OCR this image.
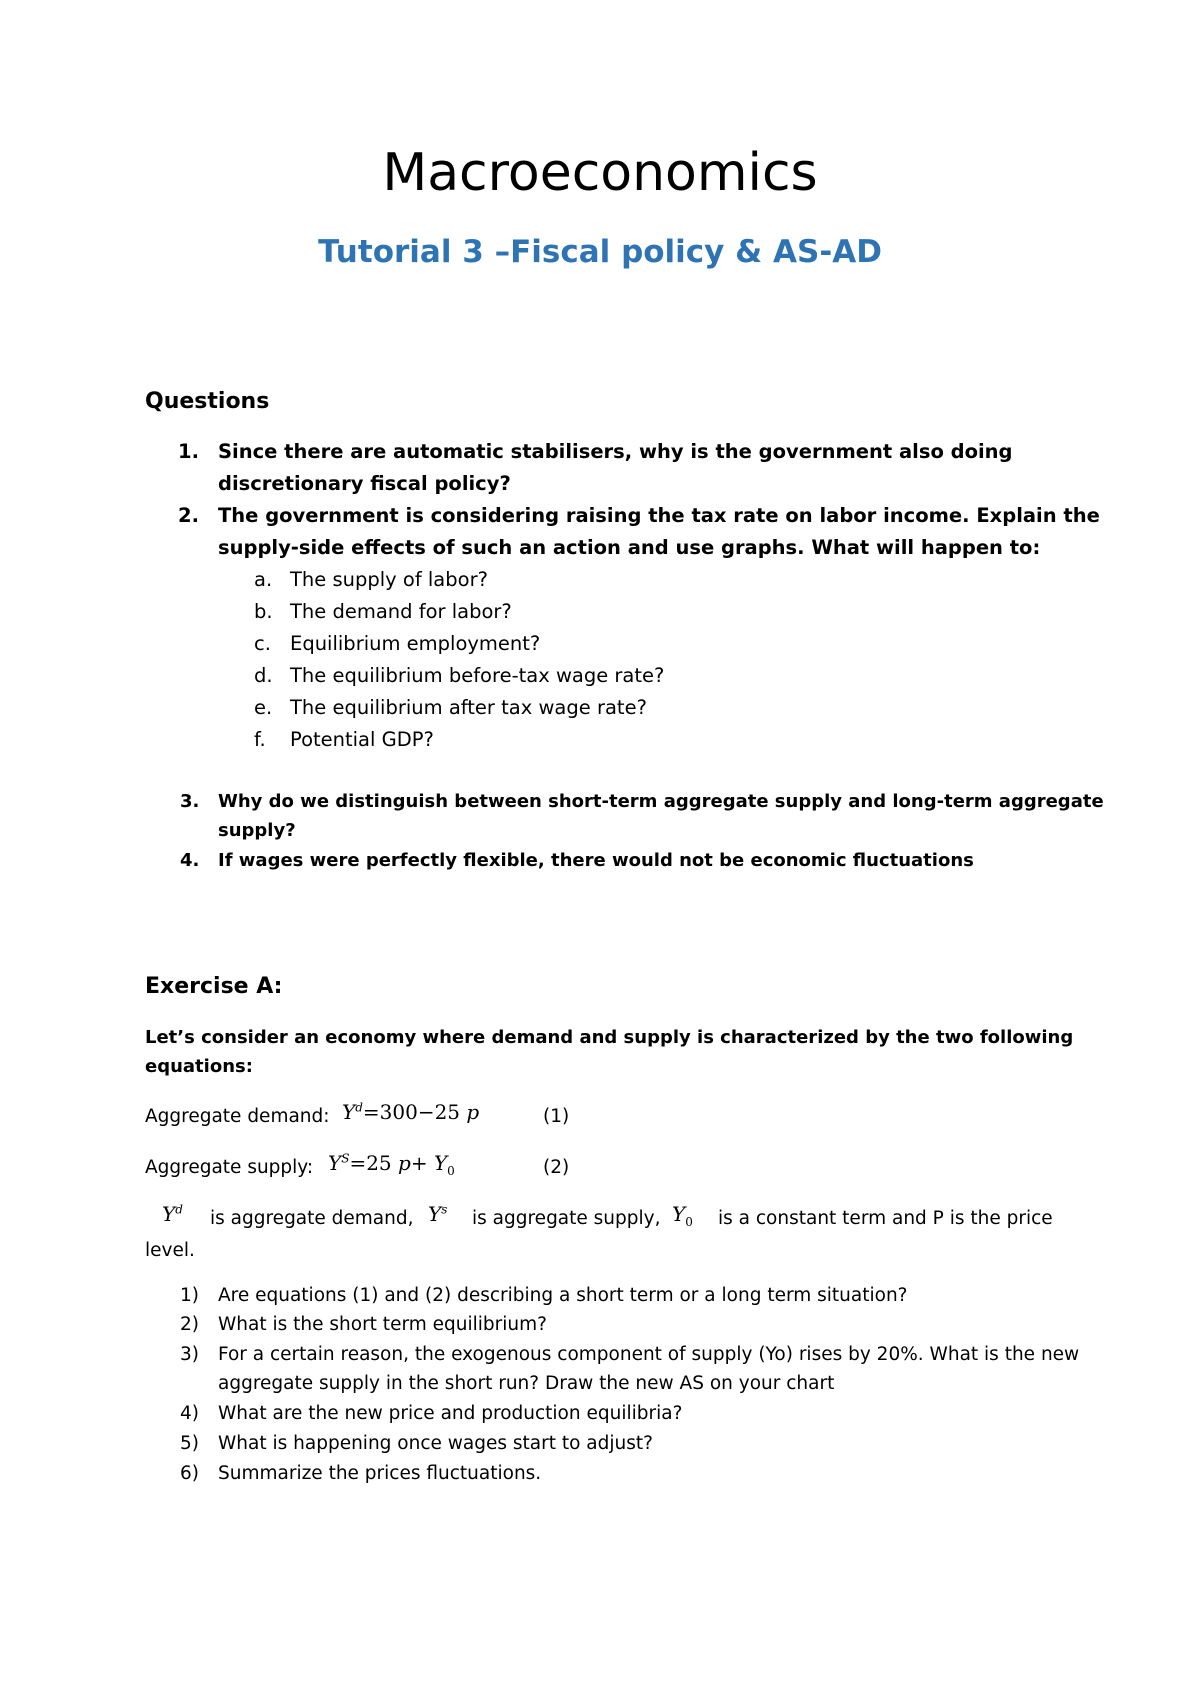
Macroeconomics
Tutorial 3 –Fiscal policy & AS-AD
Questions
1. Since there are automatic stabilisers, why is the government also doing
discretionary fiscal policy?
2. The government is considering raising the tax rate on labor income. Explain the
supply-side effects of such an action and use graphs. What will happen to:
a. The supply of labor?
b. The demand for labor?
c. Equilibrium employment?
d. The equilibrium before-tax wage rate?
e. The equilibrium after tax wage rate?
f. Potential GDP?
3. Why do we distinguish between short-term aggregate supply and long-term aggregate
supply?
4. If wages were perfectly flexible, there would not be economic fluctuations
Exercise A:
Let’s consider an economy where demand and supply is characterized by the two following
equations:
Aggregate demand: $Y^d=300-25$ p	(1)
Aggregate supply: $Y^S=25$ $p+ Y_0$	(2)
$Y^d$ is aggregate demand, $Y^s$ is aggregate supply, $Y_0$ is a constant term and P is the price
level.
1) Are equations (1) and (2) describing a short term or a long term situation?
2) What is the short term equilibrium?
3) For a certain reason, the exogenous component of supply (Yo) rises by 20%. What is the new
aggregate supply in the short run? Draw the new AS on your chart
4) What are the new price and production equilibria?
5) What is happening once wages start to adjust?
6) Summarize the prices fluctuations.
